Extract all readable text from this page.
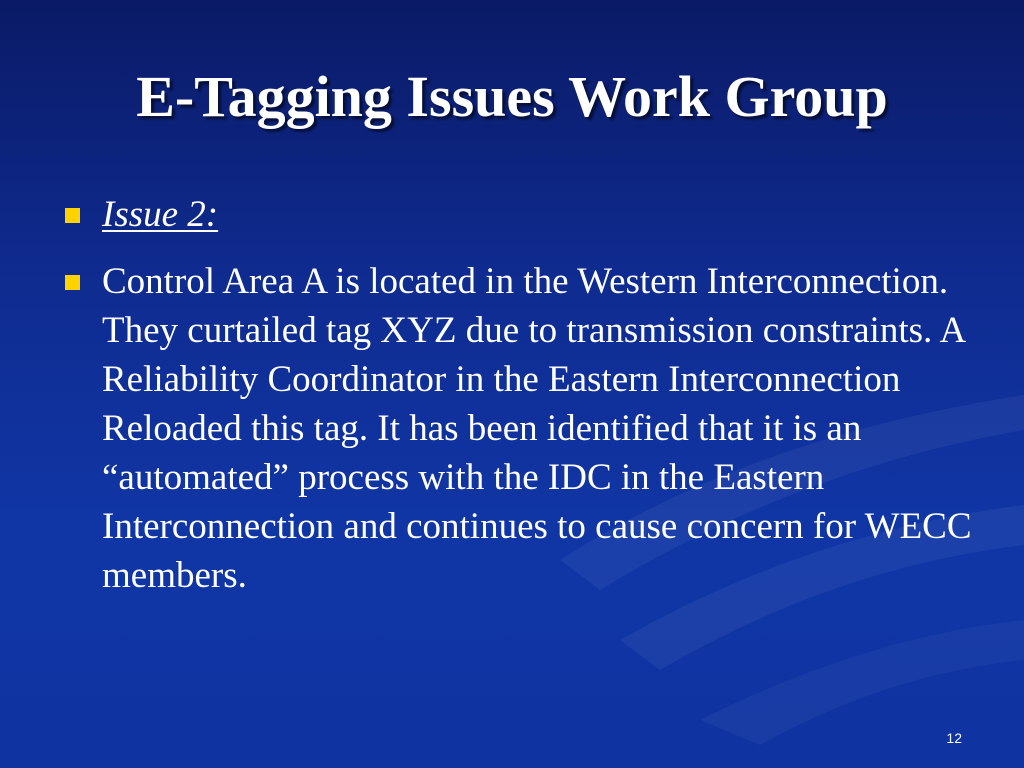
E-Tagging Issues Work Group
Issue 2:
Control Area A is located in the Western Interconnection. They curtailed tag XYZ due to transmission constraints. A Reliability Coordinator in the Eastern Interconnection Reloaded this tag. It has been identified that it is an “automated” process with the IDC in the Eastern Interconnection and continues to cause concern for WECC members.
12
